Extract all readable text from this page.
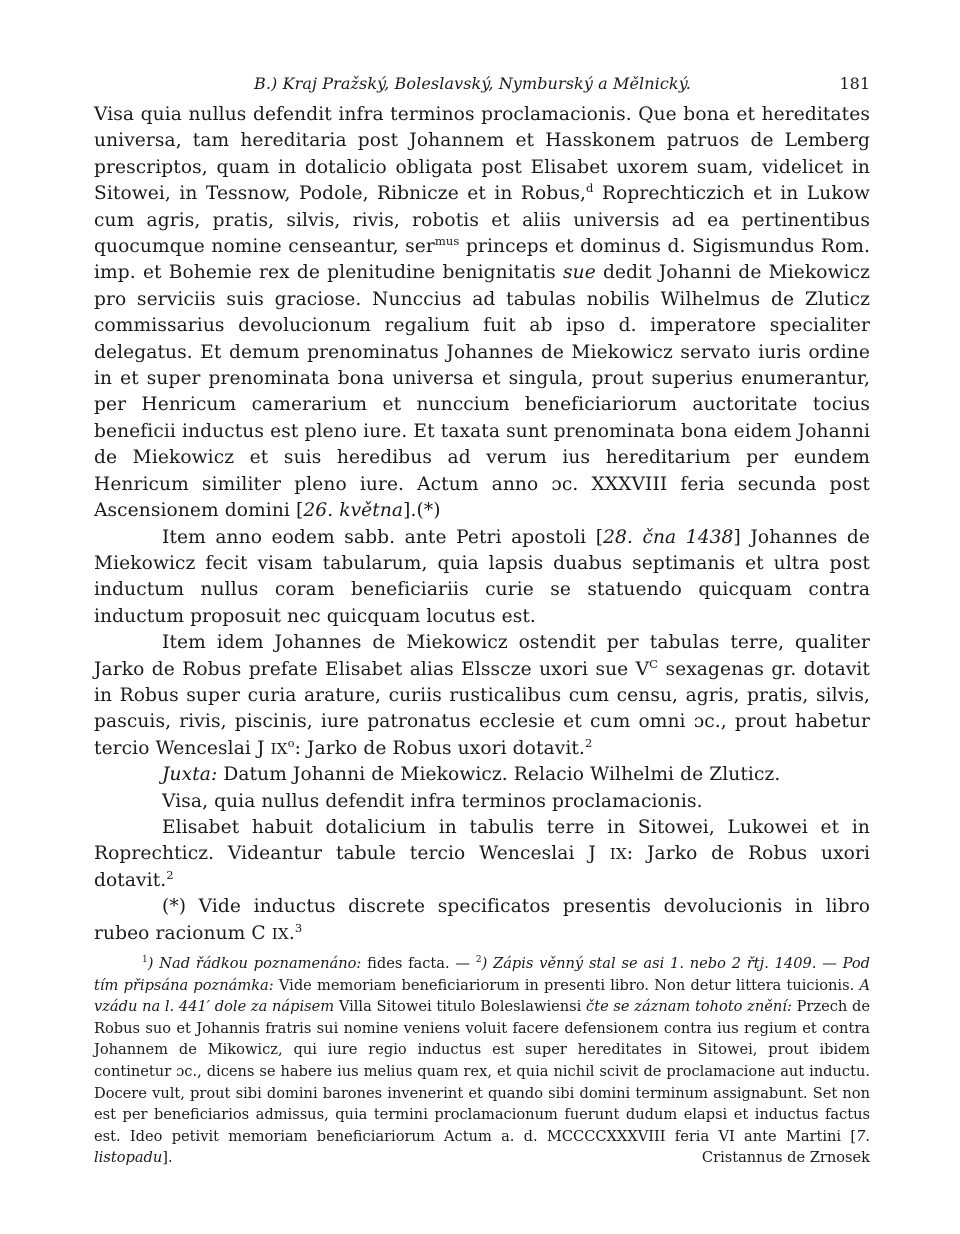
B.) Kraj Pražský, Boleslavský, Nymburský a Mělnický.	181

Visa quia nullus defendit infra terminos proclamacionis. Que bona et hereditates universa, tam hereditaria post Johannem et Hasskonem patruos de Lemberg prescriptos, quam in dotalicio obligata post Elisabet uxorem suam, videlicet in Sitowei, in Tessnow, Podole, Ribnicze et in Robus,$^d$ Roprechticzich et in Lukow cum agris, pratis, silvis, rivis, robotis et aliis universis ad ea pertinentibus quocumque nomine censeantur, ser$^{mus}$ princeps et dominus d. Sigismundus Rom. imp. et Bohemie rex de plenitudine benignitatis sue dedit Johanni de Miekowicz pro serviciis suis graciose. Nunccius ad tabulas nobilis Wilhelmus de Zluticz commissarius devolucionum regalium fuit ab ipso d. imperatore specialiter delegatus. Et demum prenominatus Johannes de Miekowicz servato iuris ordine in et super prenominata bona universa et singula, prout superius enumerantur, per Henricum camerarium et nunccium beneficiariorum auctoritate tocius beneficii inductus est pleno iure. Et taxata sunt prenominata bona eidem Johanni de Miekowicz et suis heredibus ad verum ius hereditarium per eundem Henricum similiter pleno iure. Actum anno ɔc. XXXVIII feria secunda post Ascensionem domini [26. května].(*)

Item anno eodem sabb. ante Petri apostoli [28. čna 1438] Johannes de Miekowicz fecit visam tabularum, quia lapsis duabus septimanis et ultra post inductum nullus coram beneficiariis curie se statuendo quicquam contra inductum proposuit nec quicquam locutus est.

Item idem Johannes de Miekowicz ostendit per tabulas terre, qualiter Jarko de Robus prefate Elisabet alias Elsscze uxori sue $V^C$ sexagenas gr. dotavit in Robus super curia arature, curiis rusticalibus cum censu, agris, pratis, silvis, pascuis, rivis, piscinis, iure patronatus ecclesie et cum omni ɔc., prout habetur tercio Wenceslai J $IX^o$: Jarko de Robus uxori dotavit.$^2$

Juxta: Datum Johanni de Miekowicz. Relacio Wilhelmi de Zluticz.

Visa, quia nullus defendit infra terminos proclamacionis.

Elisabet habuit dotalicium in tabulis terre in Sitowei, Lukowei et in Roprechticz. Videantur tabule tercio Wenceslai J IX: Jarko de Robus uxori dotavit.$^2$

(*) Vide inductus discrete specificatos presentis devolucionis in libro rubeo racionum C IX.$^3$

$^1$) Nad řádkou poznamenáno: fides facta. — $^2$) Zápis věnný stal se asi 1. nebo 2 řtj. 1409. — Pod tím připsána poznámka: Vide memoriam beneficiariorum in presenti libro. Non detur littera tuicionis. A vzádu na l. 441′ dole za nápisem Villa Sitowei titulo Boleslawiensi čte se záznam tohoto znění: Przech de Robus suo et Johannis fratris sui nomine veniens voluit facere defensionem contra ius regium et contra Johannem de Mikowicz, qui iure regio inductus est super hereditates in Sitowei, prout ibidem continetur ɔc., dicens se habere ius melius quam rex, et quia nichil scivit de proclamacione aut inductu. Docere vult, prout sibi domini barones invenerint et quando sibi domini terminum assignabunt. Set non est per beneficiarios admissus, quia termini proclamacionum fuerunt dudum elapsi et inductus factus est. Ideo petivit memoriam beneficiariorum Actum a. d. MCCCCXXXVIII feria VI ante Martini [7. listopadu].	Cristannus de Zrnosek
